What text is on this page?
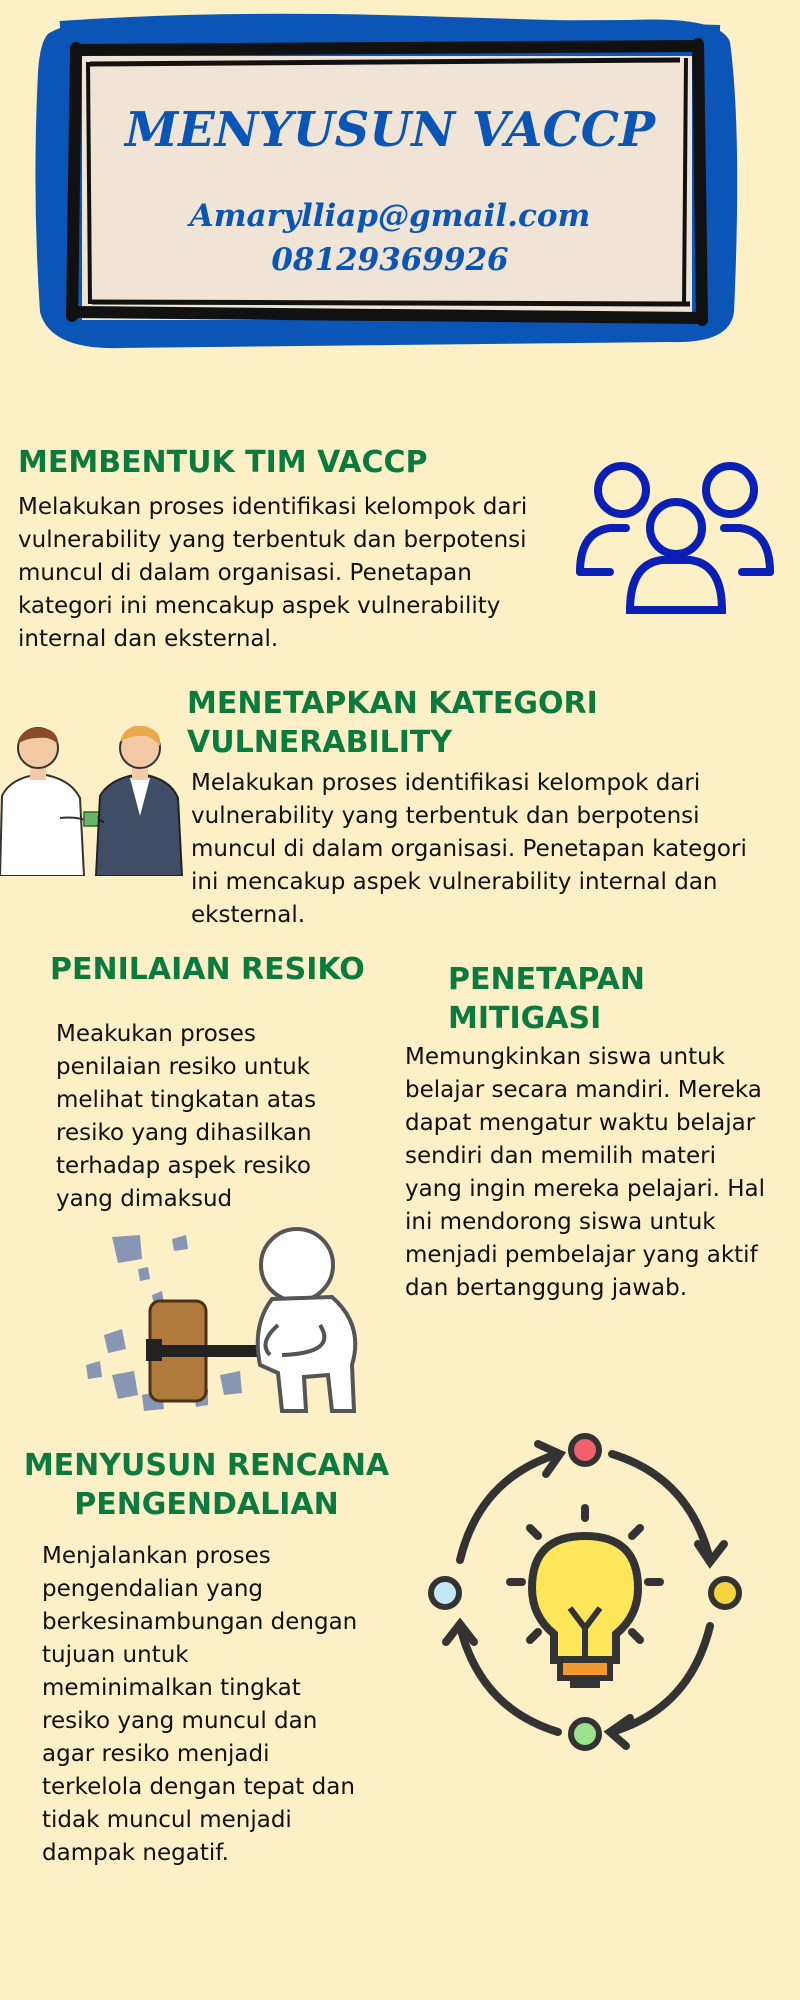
MENYUSUN VACCP

Amarylliap@gmail.com

08129369926

MEMBENTUK TIM VACCP

Melakukan proses identifikasi kelompok dari vulnerability yang terbentuk dan berpotensi muncul di dalam organisasi. Penetapan kategori ini mencakup aspek vulnerability internal dan eksternal.

MENETAPKAN KATEGORI VULNERABILITY

Melakukan proses identifikasi kelompok dari vulnerability yang terbentuk dan berpotensi muncul di dalam organisasi. Penetapan kategori ini mencakup aspek vulnerability internal dan eksternal.

PENILAIAN RESIKO

Meakukan proses penilaian resiko untuk melihat tingkatan atas resiko yang dihasilkan terhadap aspek resiko yang dimaksud

PENETAPAN MITIGASI

Memungkinkan siswa untuk belajar secara mandiri. Mereka dapat mengatur waktu belajar sendiri dan memilih materi yang ingin mereka pelajari. Hal ini mendorong siswa untuk menjadi pembelajar yang aktif dan bertanggung jawab.

MENYUSUN RENCANA PENGENDALIAN

Menjalankan proses pengendalian yang berkesinambungan dengan tujuan untuk meminimalkan tingkat resiko yang muncul dan agar resiko menjadi terkelola dengan tepat dan tidak muncul menjadi dampak negatif.
